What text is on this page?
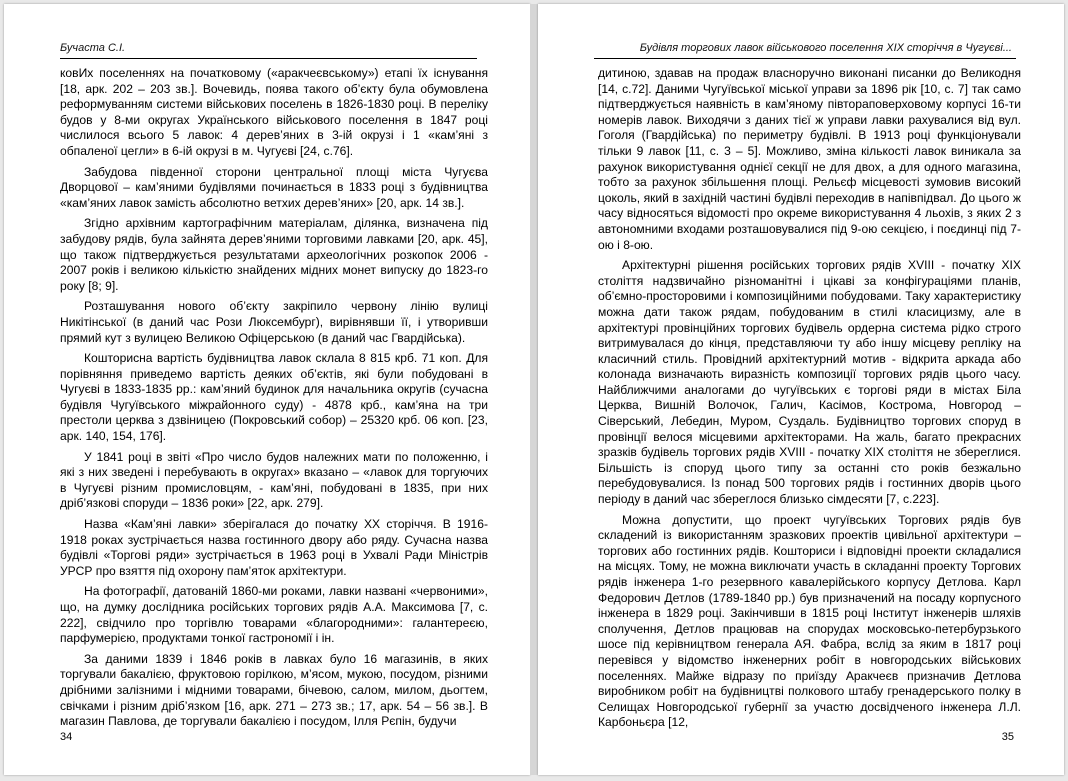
Бучаста С.І.

ковИх поселеннях на початковому («аракчеєвському») етапі їх існування [18, арк. 202 – 203 зв.]. Вочевидь, поява такого об’єкту була обумовлена реформуванням системи військових поселень в 1826-1830 році. В переліку будов у 8-ми округах Українського військового поселення в 1847 році числилося всього 5 лавок: 4 дерев’яних в 3-ій окрузі і 1 «кам’яні з обпаленої цегли» в 6-ій окрузі в м. Чугуєві [24, с.76].

Забудова південної сторони центральної площі міста Чугуєва Дворцової – кам’яними будівлями починається в 1833 році з будівництва «кам’яних лавок замість абсолютно ветхих дерев’яних» [20, арк. 14 зв.].

Згідно архівним картографічним матеріалам, ділянка, визначена під забудову рядів, була зайнята дерев’яними торговими лавками [20, арк. 45], що також підтверджується результатами археологічних розкопок 2006 - 2007 років і великою кількістю знайдених мідних монет випуску до 1823-го року [8; 9].

Розташування нового об’єкту закріпило червону лінію вулиці Никітінської (в даний час Рози Люксембург), вирівнявши її, і утворивши прямий кут з вулицею Великою Офіцерською (в даний час Гвардійська).

Кошторисна вартість будівництва лавок склала 8 815 крб. 71 коп. Для порівняння приведемо вартість деяких об’єктів, які були побудовані в Чугуєві в 1833-1835 рр.: кам’яний будинок для начальника округів (сучасна будівля Чугуївського міжрайонного суду) - 4878 крб., кам’яна на три престоли церква з дзвіницею (Покровський собор) – 25320 крб. 06 коп. [23, арк. 140, 154, 176].

У 1841 році в звіті «Про число будов належних мати по положенню, і які з них зведені і перебувають в округах» вказано – «лавок для торгуючих в Чугуєві різним промисловцям, - кам’яні, побудовані в 1835, при них дріб’язкові споруди – 1836 роки» [22, арк. 279].

Назва «Кам’яні лавки» зберігалася до початку ХХ сторіччя. В 1916-1918 роках зустрічається назва гостинного двору або ряду. Сучасна назва будівлі «Торгові ряди» зустрічається в 1963 році в Ухвалі Ради Міністрів УРСР про взяття під охорону пам’яток архітектури.

На фотографії, датованій 1860-ми роками, лавки названі «червоними», що, на думку дослідника російських торгових рядів А.А. Максимова [7, с. 222], свідчило про торгівлю товарами «благородними»: галантереєю, парфумерією, продуктами тонкої гастрономії і ін.

За даними 1839 і 1846 років в лавках було 16 магазинів, в яких торгували бакалією, фруктовою горілкою, м’ясом, мукою, посудом, різними дрібними залізними і мідними товарами, бічевою, салом, милом, дьогтем, свічками і різним дріб’язком [16, арк. 271 – 273 зв.; 17, арк. 54 – 56 зв.]. В магазин Павлова, де торгували бакалією і посудом, Ілля Рєпін, будучи

34
Будівля торгових лавок військового поселення XIX сторіччя в Чугуєві...

дитиною, здавав на продаж власноручно виконані писанки до Великодня [14, с.72]. Даними Чугуївської міської управи за 1896 рік [10, с. 7] так само підтверджується наявність в кам’яному півтораповерховому корпусі 16-ти номерів лавок. Виходячи з даних тієї ж управи лавки рахувалися від вул. Гоголя (Гвардійська) по периметру будівлі. В 1913 році функціонували тільки 9 лавок [11, с. 3 – 5]. Можливо, зміна кількості лавок виникала за рахунок використування однієї секції не для двох, а для одного магазина, тобто за рахунок збільшення площі. Рельєф місцевості зумовив високий цоколь, який в західній частині будівлі переходив в напівпідвал. До цього ж часу відносяться відомості про окреме використування 4 льохів, з яких 2 з автономними входами розташовувалися під 9-ою секцією, і поєдинці під 7-ою і 8-ою.

Архітектурні рішення російських торгових рядів XVIII - початку XIX століття надзвичайно різноманітні і цікаві за конфігураціями планів, об’ємно-просторовими і композиційними побудовами. Таку характеристику можна дати також рядам, побудованим в стилі класицизму, але в архітектурі провінційних торгових будівель ордерна система рідко строго витримувалася до кінця, представляючи ту або іншу місцеву репліку на класичний стиль. Провідний архітектурний мотив - відкрита аркада або колонада визначають виразність композиції торгових рядів цього часу. Найближчими аналогами до чугуївських є торгові ряди в містах Біла Церква, Вишній Волочок, Галич, Касімов, Кострома, Новгород – Сіверський, Лебедин, Муром, Суздаль. Будівництво торгових споруд в провінції велося місцевими архітекторами. На жаль, багато прекрасних зразків будівель торгових рядів XVIII - початку XIX століття не збереглися. Більшість із споруд цього типу за останні сто років безжально перебудовувалися. Із понад 500 торгових рядів і гостинних дворів цього періоду в даний час збереглося близько сімдесяти [7, с.223].

Можна допустити, що проект чугуївських Торгових рядів був складений із використанням зразкових проектів цивільної архітектури – торгових або гостинних рядів. Кошториси і відповідні проекти складалися на місцях. Тому, не можна виключати участь в складанні проекту Торгових рядів інженера 1-го резервного кавалерійського корпусу Детлова. Карл Федорович Детлов (1789-1840 рр.) був призначений на посаду корпусного інженера в 1829 році. Закінчивши в 1815 році Інститут інженерів шляхів сполучення, Детлов працював на спорудах московсько-петербурзького шосе під керівництвом генерала АЯ. Фабра, вслід за яким в 1817 році перевівся у відомство інженерних робіт в новгородських військових поселеннях. Майже відразу по приїзду Аракчеєв призначив Детлова виробником робіт на будівництві полкового штабу гренадерського полку в Селищах Новгородської губернії за участю досвідченого інженера Л.Л. Карбоньєра [12,

35
